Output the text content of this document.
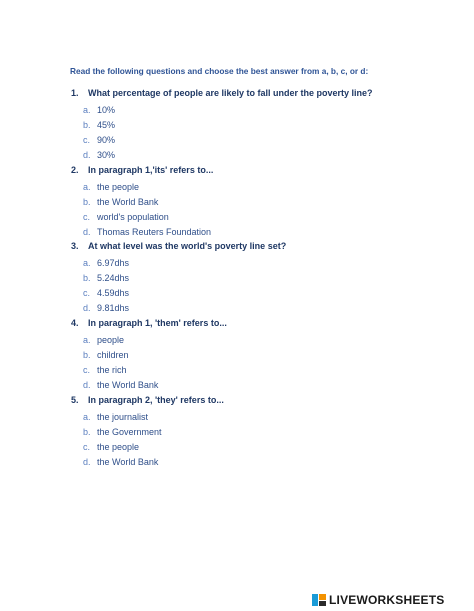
Read the following questions and choose the best answer from a, b, c, or d:
1.	What percentage of people are likely to fall under the poverty line?
a. 10%
b. 45%
c. 90%
d. 30%
2.	In paragraph 1,'its' refers to...
a. the people
b. the World Bank
c. world's population
d. Thomas Reuters Foundation
3.	At what level was the world's poverty line set?
a. 6.97dhs
b. 5.24dhs
c. 4.59dhs
d. 9.81dhs
4.	In paragraph 1, 'them' refers to...
a. people
b. children
c. the rich
d. the World Bank
5.	In paragraph 2, 'they' refers to...
a. the journalist
b. the Government
c. the people
d. the World Bank
LIVEWORKSHEETS
